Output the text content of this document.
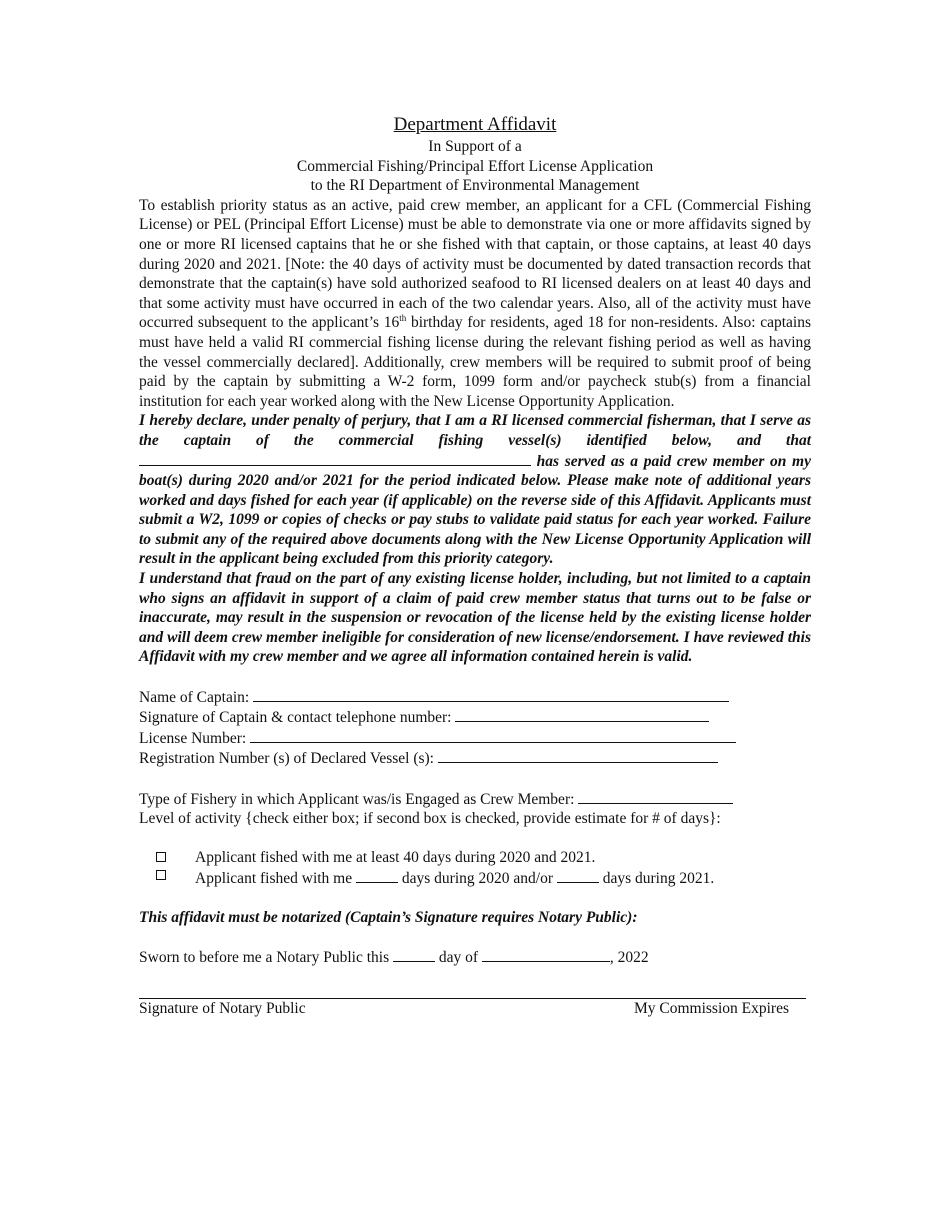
Department Affidavit
In Support of a
Commercial Fishing/Principal Effort License Application
to the RI Department of Environmental Management
To establish priority status as an active, paid crew member, an applicant for a CFL (Commercial Fishing License) or PEL (Principal Effort License) must be able to demonstrate via one or more affidavits signed by one or more RI licensed captains that he or she fished with that captain, or those captains, at least 40 days during 2020 and 2021. [Note: the 40 days of activity must be documented by dated transaction records that demonstrate that the captain(s) have sold authorized seafood to RI licensed dealers on at least 40 days and that some activity must have occurred in each of the two calendar years. Also, all of the activity must have occurred subsequent to the applicant’s 16th birthday for residents, aged 18 for non-residents. Also: captains must have held a valid RI commercial fishing license during the relevant fishing period as well as having the vessel commercially declared]. Additionally, crew members will be required to submit proof of being paid by the captain by submitting a W-2 form, 1099 form and/or paycheck stub(s) from a financial institution for each year worked along with the New License Opportunity Application.
I hereby declare, under penalty of perjury, that I am a RI licensed commercial fisherman, that I serve as the captain of the commercial fishing vessel(s) identified below, and that  has served as a paid crew member on my boat(s) during 2020 and/or 2021 for the period indicated below. Please make note of additional years worked and days fished for each year (if applicable) on the reverse side of this Affidavit. Applicants must submit a W2, 1099 or copies of checks or pay stubs to validate paid status for each year worked. Failure to submit any of the required above documents along with the New License Opportunity Application will result in the applicant being excluded from this priority category.
I understand that fraud on the part of any existing license holder, including, but not limited to a captain who signs an affidavit in support of a claim of paid crew member status that turns out to be false or inaccurate, may result in the suspension or revocation of the license held by the existing license holder and will deem crew member ineligible for consideration of new license/endorsement. I have reviewed this Affidavit with my crew member and we agree all information contained herein is valid.
Name of Captain:
Signature of Captain & contact telephone number:
License Number:
Registration Number (s) of Declared Vessel (s):
Type of Fishery in which Applicant was/is Engaged as Crew Member:
Level of activity {check either box; if second box is checked, provide estimate for # of days}:
Applicant fished with me at least 40 days during 2020 and 2021.
Applicant fished with me	days during 2020 and/or	days during 2021.
This affidavit must be notarized (Captain’s Signature requires Notary Public):
Sworn to before me a Notary Public this	day of	, 2022
Signature of Notary Public	My Commission Expires
